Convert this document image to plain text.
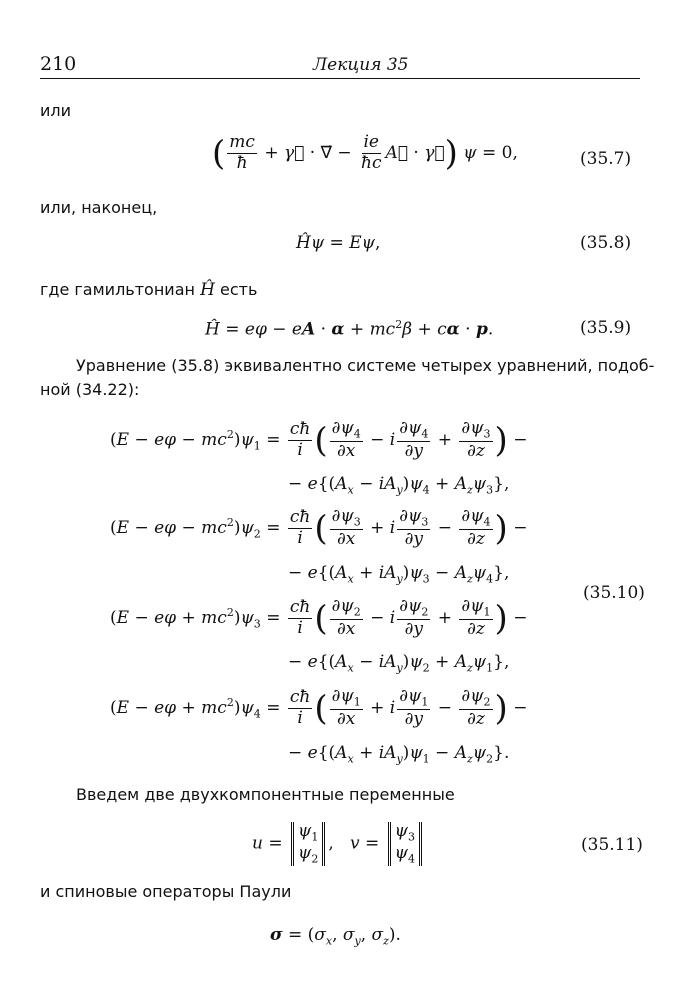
210	Лекция 35
или
( $\frac{mc}{ħ}$ + γ⃗ · ∇⃗ − $\frac{ie}{ħc}$ A⃗ · γ⃗) ψ = 0,	(35.7)
или, наконец,
Ĥψ = Eψ,	(35.8)
где гамильтониан Ĥ есть
Ĥ = eφ − eA · $\alpha + mc^2\beta + c\alpha \cdot p$.	(35.9)
Уравнение (35.8) эквивалентно системе четырех уравнений, подоб-
ной (34.22):
$(E - e\varphi - mc^2)\psi_1 = \frac{cħ}{i}$ ( $\frac{\partial\psi_4}{\partial x} - i \frac{\partial\psi_4}{\partial y} + \frac{\partial\psi_3}{\partial z}$ ) −
− $e\{(A_x - iA_y)\psi_4 + A_z\psi_3\}$,
$(E - e\varphi - mc^2)\psi_2 = \frac{cħ}{i}$ ( $\frac{\partial\psi_3}{\partial x} + i \frac{\partial\psi_3}{\partial y} - \frac{\partial\psi_4}{\partial z}$ ) −
− $e\{(A_x + iA_y)\psi_3 - A_z\psi_4\}$,
(35.10)
$(E - e\varphi + mc^2)\psi_3 = \frac{cħ}{i}$ ( $\frac{\partial\psi_2}{\partial x} - i \frac{\partial\psi_2}{\partial y} + \frac{\partial\psi_1}{\partial z}$ ) −
− $e\{(A_x - iA_y)\psi_2 + A_z\psi_1\}$,
$(E - e\varphi + mc^2)\psi_4 = \frac{cħ}{i}$ ( $\frac{\partial\psi_1}{\partial x} + i \frac{\partial\psi_1}{\partial y} - \frac{\partial\psi_2}{\partial z}$ ) −
− $e\{(A_x + iA_y)\psi_1 - A_z\psi_2\}$.
Введем две двухкомпонентные переменные
u =
$\psi_1$
$\psi_2$
,   v =
$\psi_3$
$\psi_4$
(35.11)
и спиновые операторы Паули
$\sigma = (\sigma_x$, $\sigma_y$, $\sigma_z$).
